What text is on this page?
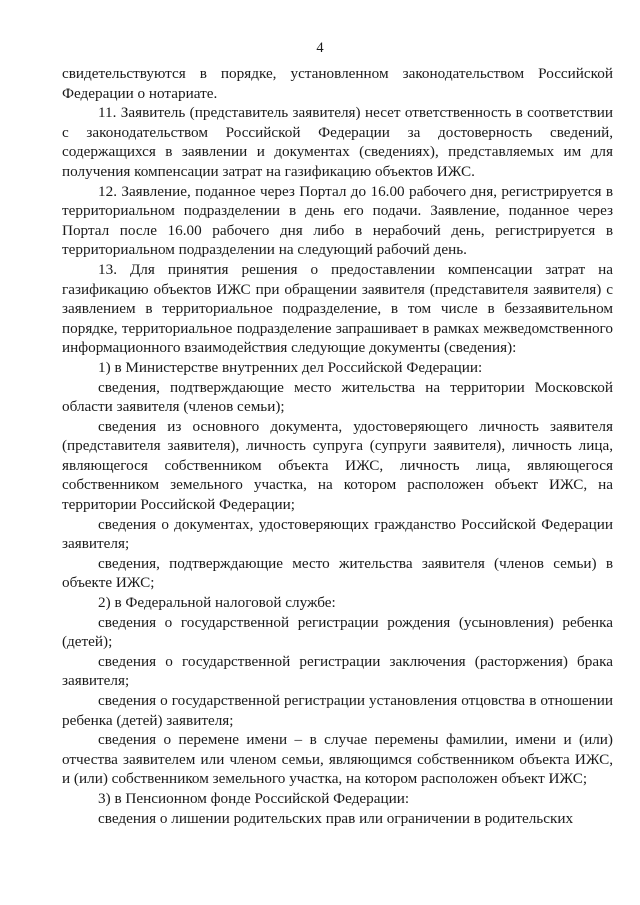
4

свидетельствуются в порядке, установленном законодательством Российской Федерации о нотариате.

11. Заявитель (представитель заявителя) несет ответственность в соответствии с законодательством Российской Федерации за достоверность сведений, содержащихся в заявлении и документах (сведениях), представляемых им для получения компенсации затрат на газификацию объектов ИЖС.

12. Заявление, поданное через Портал до 16.00 рабочего дня, регистрируется в территориальном подразделении в день его подачи. Заявление, поданное через Портал после 16.00 рабочего дня либо в нерабочий день, регистрируется в территориальном подразделении на следующий рабочий день.

13. Для принятия решения о предоставлении компенсации затрат на газификацию объектов ИЖС при обращении заявителя (представителя заявителя) с заявлением в территориальное подразделение, в том числе в беззаявительном порядке, территориальное подразделение запрашивает в рамках межведомственного информационного взаимодействия следующие документы (сведения):

1) в Министерстве внутренних дел Российской Федерации:

сведения, подтверждающие место жительства на территории Московской области заявителя (членов семьи);

сведения из основного документа, удостоверяющего личность заявителя (представителя заявителя), личность супруга (супруги заявителя), личность лица, являющегося собственником объекта ИЖС, личность лица, являющегося собственником земельного участка, на котором расположен объект ИЖС, на территории Российской Федерации;

сведения о документах, удостоверяющих гражданство Российской Федерации заявителя;

сведения, подтверждающие место жительства заявителя (членов семьи) в объекте ИЖС;

2) в Федеральной налоговой службе:

сведения о государственной регистрации рождения (усыновления) ребенка (детей);

сведения о государственной регистрации заключения (расторжения) брака заявителя;

сведения о государственной регистрации установления отцовства в отношении ребенка (детей) заявителя;

сведения о перемене имени – в случае перемены фамилии, имени и (или) отчества заявителем или членом семьи, являющимся собственником объекта ИЖС, и (или) собственником земельного участка, на котором расположен объект ИЖС;

3) в Пенсионном фонде Российской Федерации:

сведения о лишении родительских прав или ограничении в родительских
